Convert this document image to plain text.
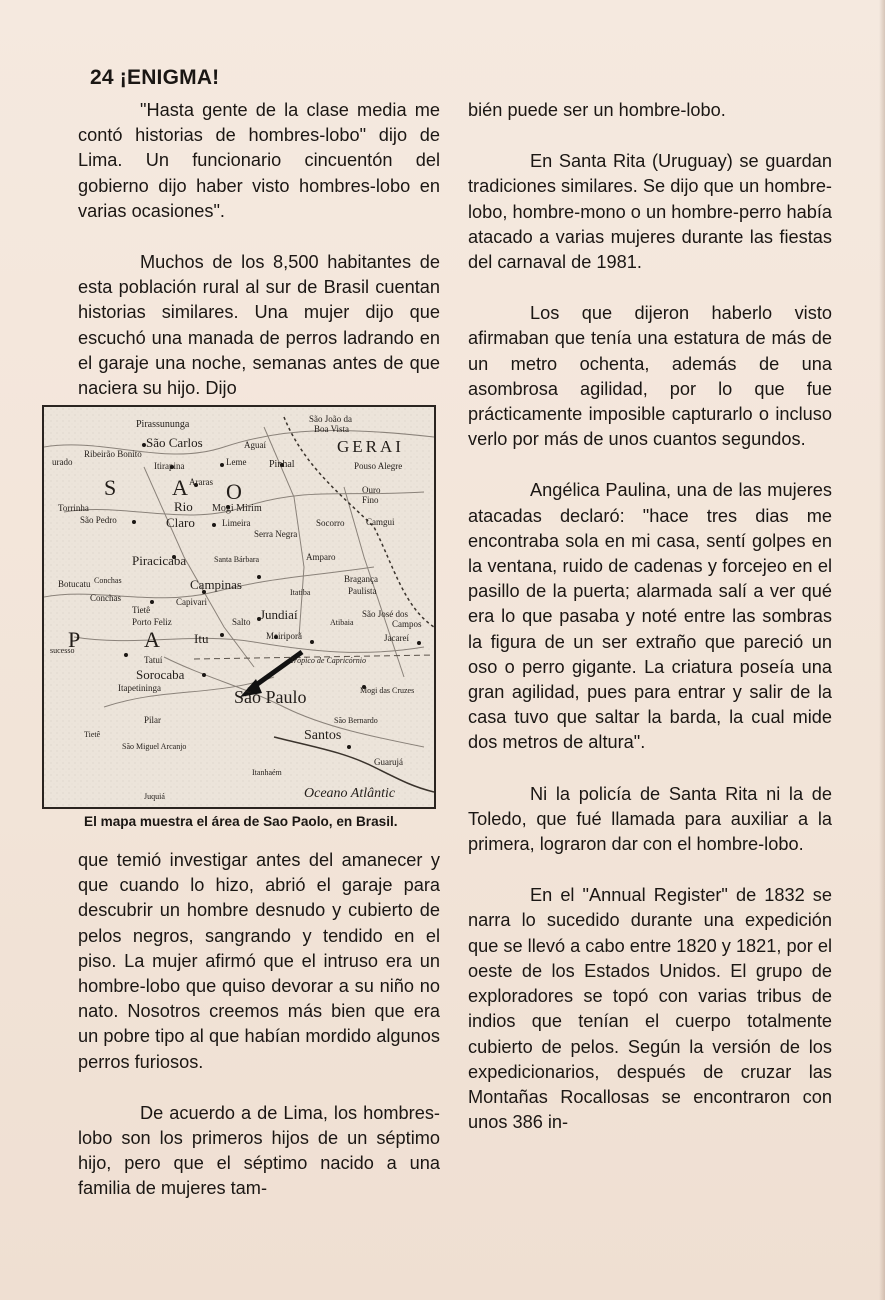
24 ¡ENIGMA!

"Hasta gente de la clase media me contó historias de hombres-lobo" dijo de Lima. Un funcionario cincuentón del gobierno dijo haber visto hombres-lobo en varias ocasiones".

Muchos de los 8,500 habitantes de esta población rural al sur de Brasil cuentan historias similares. Una mujer dijo que escuchó una manada de perros ladrando en el garaje una noche, semanas antes de que naciera su hijo. Dijo

Pirassununga	São João da
Boa Vista
São Carlos	Aguaí	GERAI
Ribeirão Bonito
urado	Itirapina	Leme Pinhal	Pouso Alegre
S	A Araras O	Ouro
Fino
Rio Mogi Mirim
Torrinha
São Pedro	Claro	Limeira	Socorro Camgui
Piracicaba	Santa Bárbara
Serra Negra
Amparo
Botucatu	Campinas	Bragança
Paulista
Conchas	Capivari
Itatiba
Tietê	Jundiaí	São José dos
Campos
P	A
Porto Feliz	Salto	Atibaia
Jacareí
Itu	Mairiporã
Tatuí	Trópico de Capricórnio
Sorocaba
Itapetininga	São Paulo	Mogi das Cruzes
São Bernardo
Pilar
Santos
São Miguel Arcanjo
Guarujá
Itanhaém
Oceano Atlântic
Juquiá
Conchas
sucesso
Tietê
El mapa muestra el área de Sao Paolo, en Brasil.

que temió investigar antes del amanecer y que cuando lo hizo, abrió el garaje para descubrir un hombre desnudo y cubierto de pelos negros, sangrando y tendido en el piso. La mujer afirmó que el intruso era un hombre-lobo que quiso devorar a su niño no nato. Nosotros creemos más bien que era un pobre tipo al que habían mordido algunos perros furiosos.

De acuerdo a de Lima, los hombres-lobo son los primeros hijos de un séptimo hijo, pero que el séptimo nacido a una familia de mujeres tam-

bién puede ser un hombre-lobo.

En Santa Rita (Uruguay) se guardan tradiciones similares. Se dijo que un hombre-lobo, hombre-mono o un hombre-perro había atacado a varias mujeres durante las fiestas del carnaval de 1981.

Los que dijeron haberlo visto afirmaban que tenía una estatura de más de un metro ochenta, además de una asombrosa agilidad, por lo que fue prácticamente imposible capturarlo o incluso verlo por más de unos cuantos segundos.

Angélica Paulina, una de las mujeres atacadas declaró: "hace tres dias me encontraba sola en mi casa, sentí golpes en la ventana, ruido de cadenas y forcejeo en el pasillo de la puerta; alarmada salí a ver qué era lo que pasaba y noté entre las sombras la figura de un ser extraño que pareció un oso o perro gigante. La criatura poseía una gran agilidad, pues para entrar y salir de la casa tuvo que saltar la barda, la cual mide dos metros de altura".

Ni la policía de Santa Rita ni la de Toledo, que fué llamada para auxiliar a la primera, lograron dar con el hombre-lobo.

En el "Annual Register" de 1832 se narra lo sucedido durante una expedición que se llevó a cabo entre 1820 y 1821, por el oeste de los Estados Unidos. El grupo de exploradores se topó con varias tribus de indios que tenían el cuerpo totalmente cubierto de pelos. Según la versión de los expedicionarios, después de cruzar las Montañas Rocallosas se encontraron con unos 386 in-
